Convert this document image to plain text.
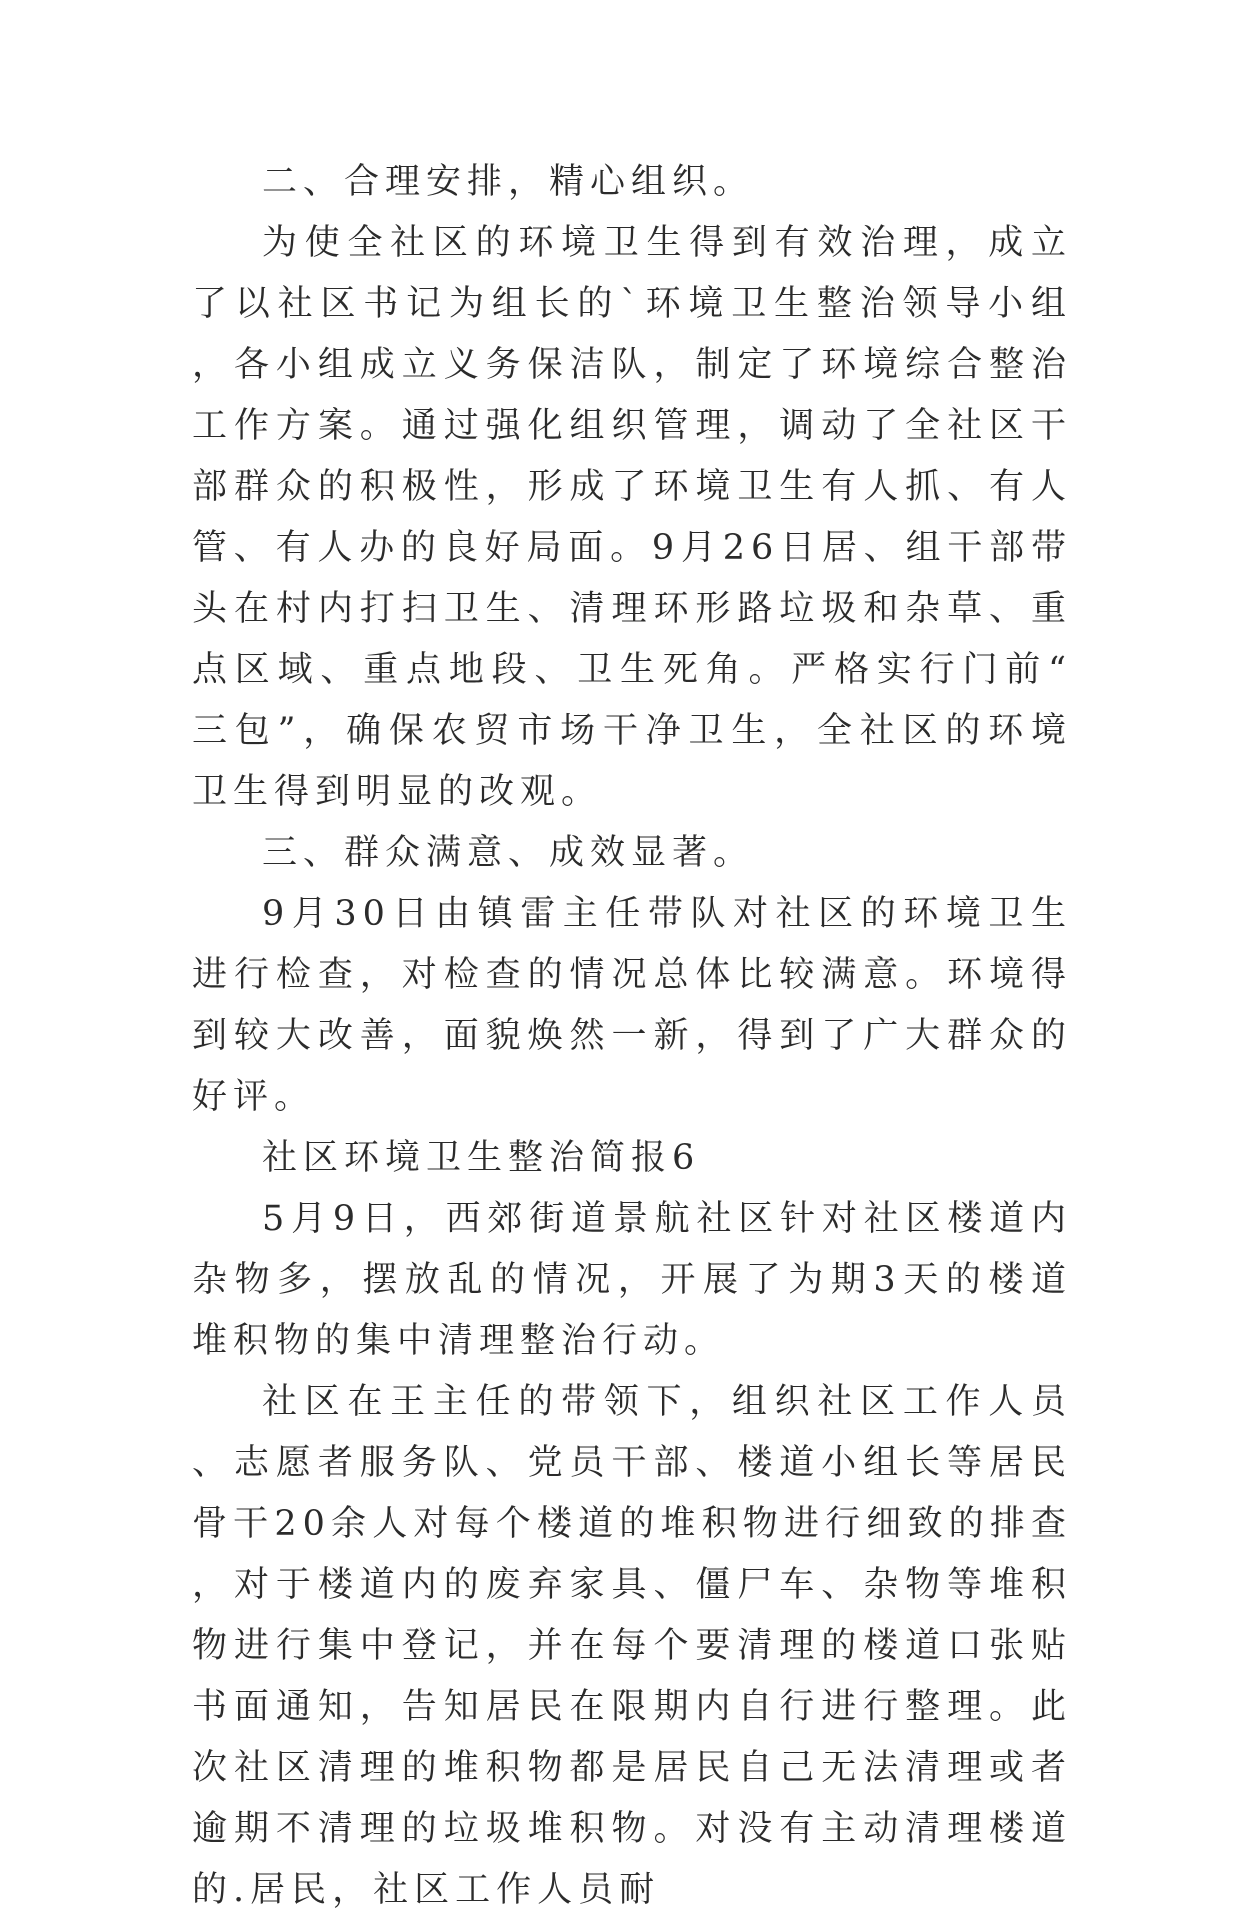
二、合理安排，精心组织。

为使全社区的环境卫生得到有效治理，成立了以社区书记为组长的`环境卫生整治领导小组，各小组成立义务保洁队，制定了环境综合整治工作方案。通过强化组织管理，调动了全社区干部群众的积极性，形成了环境卫生有人抓、有人管、有人办的良好局面。9月26日居、组干部带头在村内打扫卫生、清理环形路垃圾和杂草、重点区域、重点地段、卫生死角。严格实行门前“三包”，确保农贸市场干净卫生，全社区的环境卫生得到明显的改观。

三、群众满意、成效显著。

9月30日由镇雷主任带队对社区的环境卫生进行检查，对检查的情况总体比较满意。环境得到较大改善，面貌焕然一新，得到了广大群众的好评。

社区环境卫生整治简报6

5月9日，西郊街道景航社区针对社区楼道内杂物多，摆放乱的情况，开展了为期3天的楼道堆积物的集中清理整治行动。

社区在王主任的带领下，组织社区工作人员、志愿者服务队、党员干部、楼道小组长等居民骨干20余人对每个楼道的堆积物进行细致的排查，对于楼道内的废弃家具、僵尸车、杂物等堆积物进行集中登记，并在每个要清理的楼道口张贴书面通知，告知居民在限期内自行进行整理。此次社区清理的堆积物都是居民自己无法清理或者逾期不清理的垃圾堆积物。对没有主动清理楼道的.居民，社区工作人员耐
